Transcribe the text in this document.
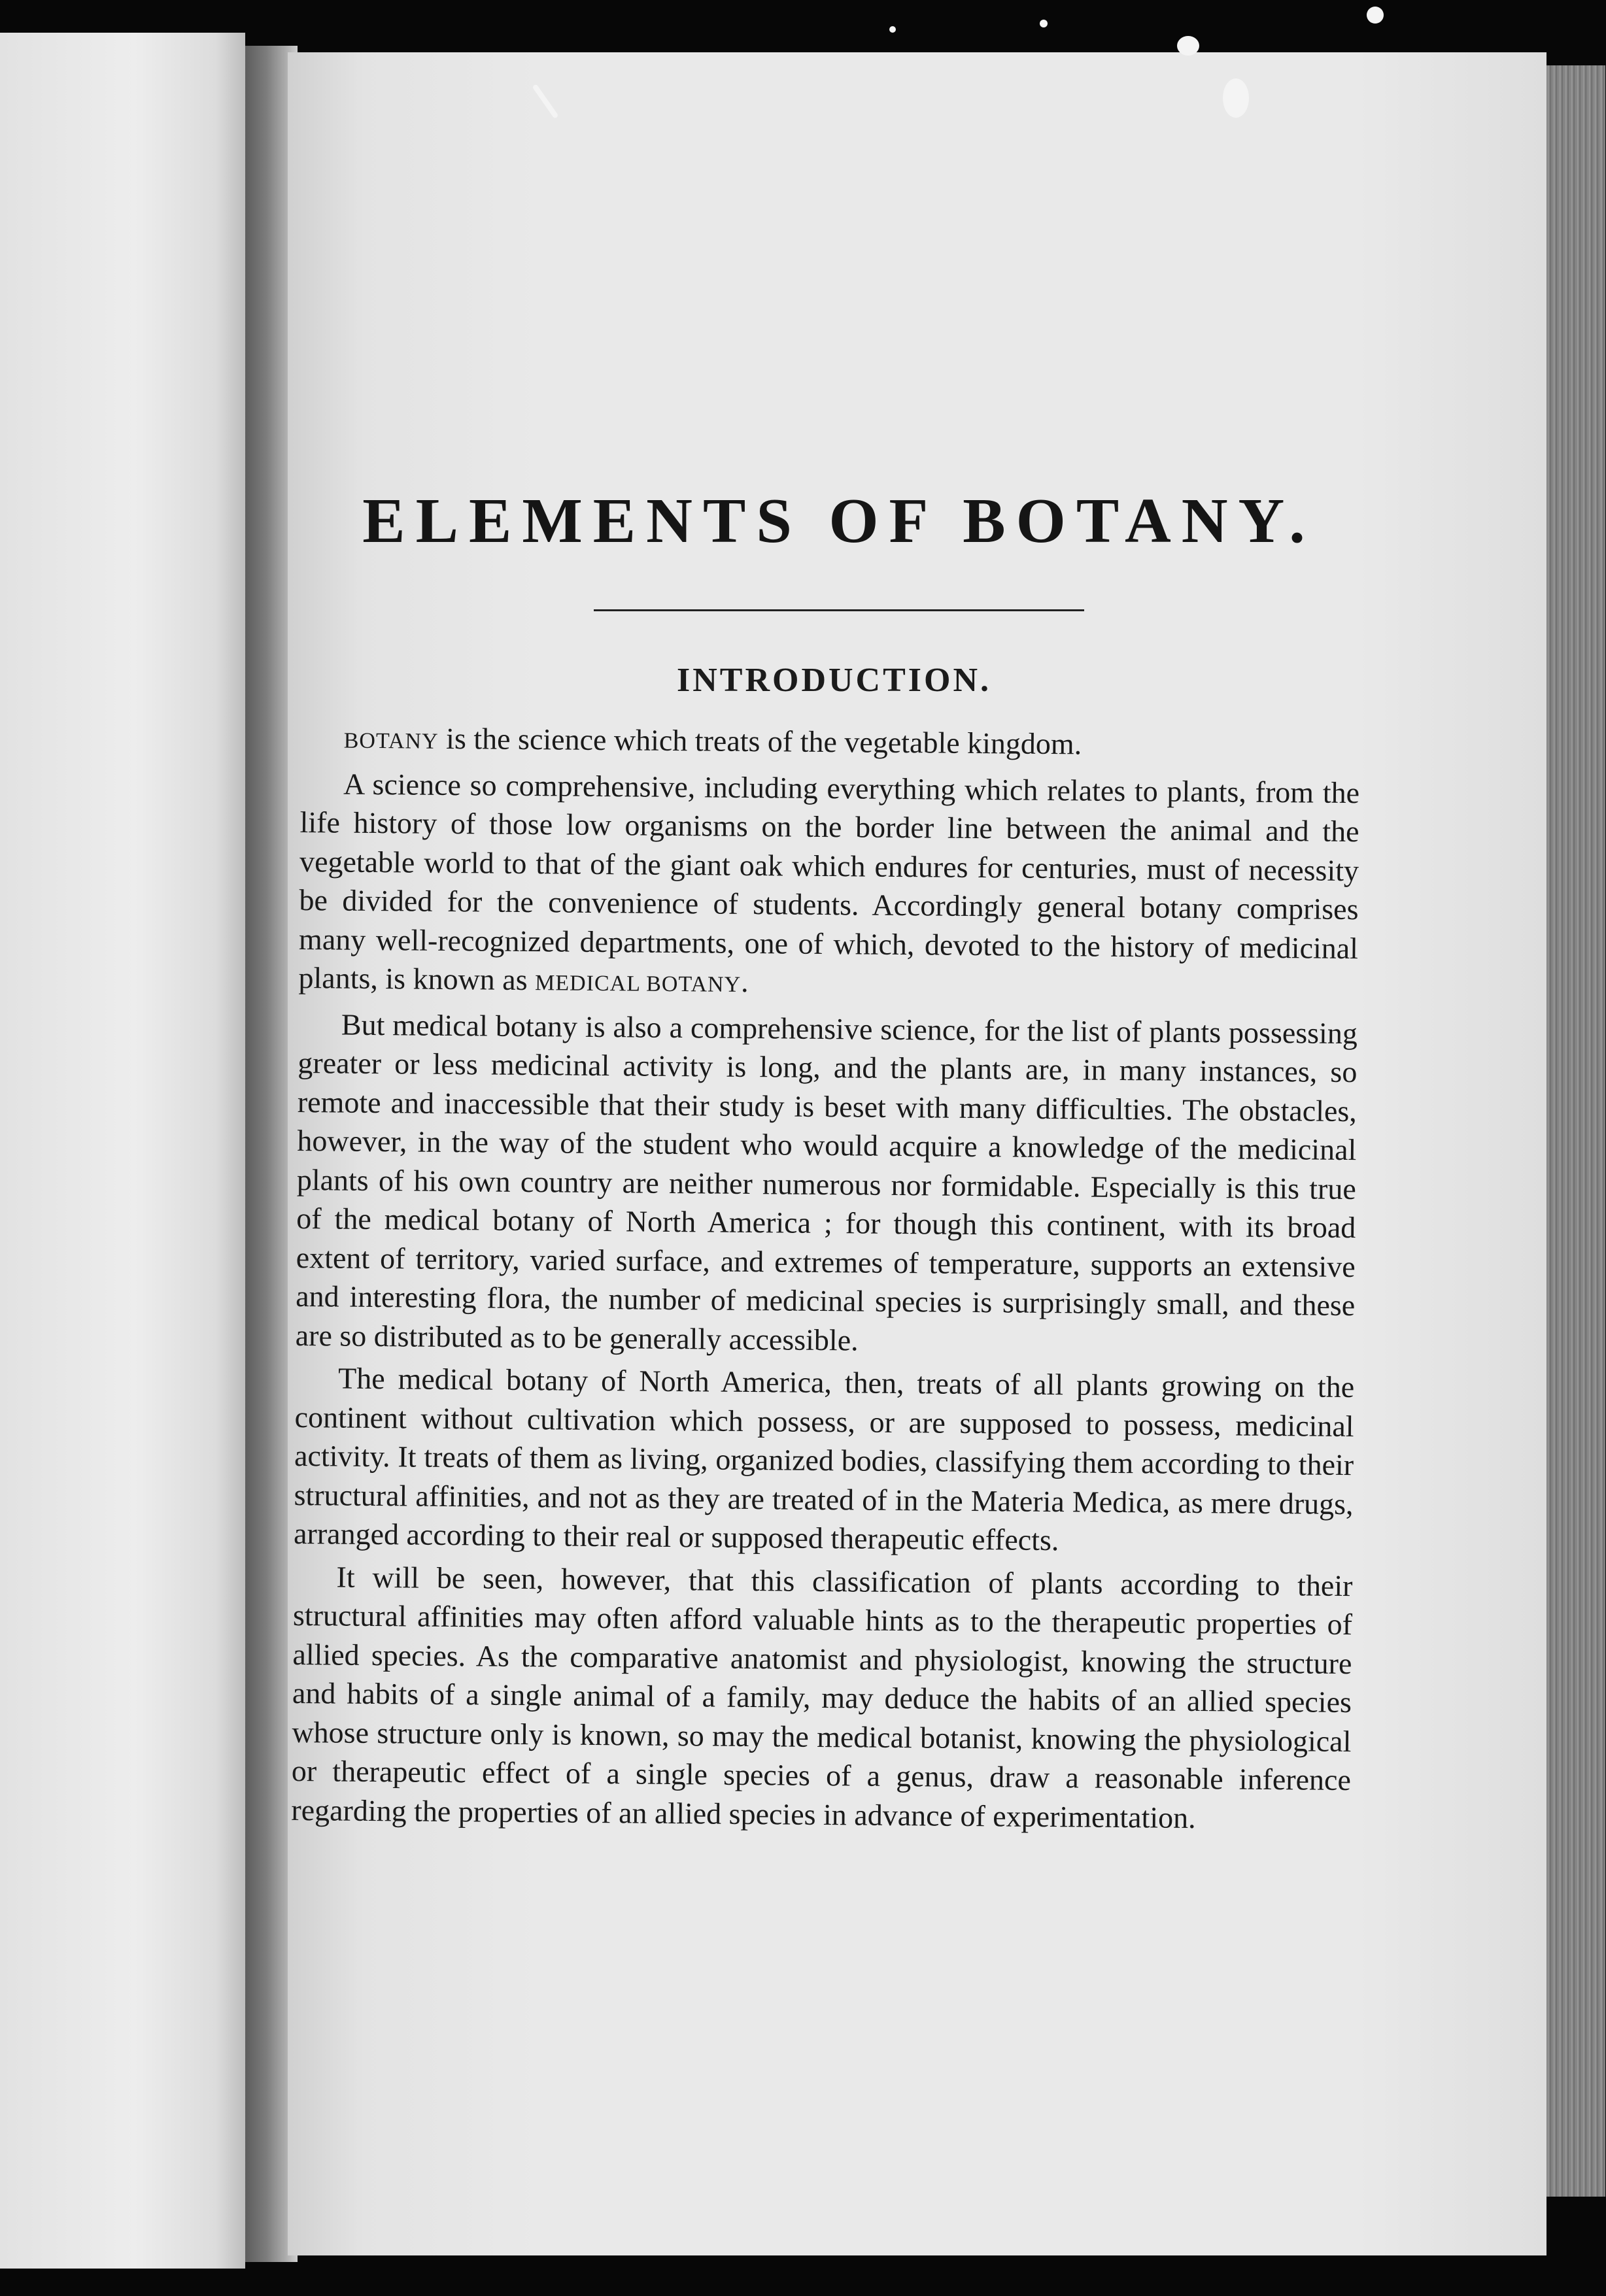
ELEMENTS OF BOTANY.
INTRODUCTION.

BOTANY is the science which treats of the vegetable kingdom.

A science so comprehensive, including everything which relates to plants, from the life history of those low organisms on the border line between the animal and the vegetable world to that of the giant oak which endures for centuries, must of necessity be divided for the convenience of students. Accordingly general botany comprises many well-recognized departments, one of which, devoted to the history of medicinal plants, is known as MEDICAL BOTANY.

But medical botany is also a comprehensive science, for the list of plants possessing greater or less medicinal activity is long, and the plants are, in many instances, so remote and inaccessible that their study is beset with many difficulties. The obstacles, however, in the way of the student who would acquire a knowledge of the medicinal plants of his own country are neither numerous nor formidable. Especially is this true of the medical botany of North America ; for though this continent, with its broad extent of territory, varied surface, and extremes of temperature, supports an extensive and interesting flora, the number of medicinal species is surprisingly small, and these are so distributed as to be generally accessible.

The medical botany of North America, then, treats of all plants growing on the continent without cultivation which possess, or are supposed to possess, medicinal activity. It treats of them as living, organized bodies, classifying them according to their structural affinities, and not as they are treated of in the Materia Medica, as mere drugs, arranged according to their real or supposed therapeutic effects.

It will be seen, however, that this classification of plants according to their structural affinities may often afford valuable hints as to the therapeutic properties of allied species. As the comparative anatomist and physiologist, knowing the structure and habits of a single animal of a family, may deduce the habits of an allied species whose structure only is known, so may the medical botanist, knowing the physiological or therapeutic effect of a single species of a genus, draw a reasonable inference regarding the properties of an allied species in advance of experimentation.
